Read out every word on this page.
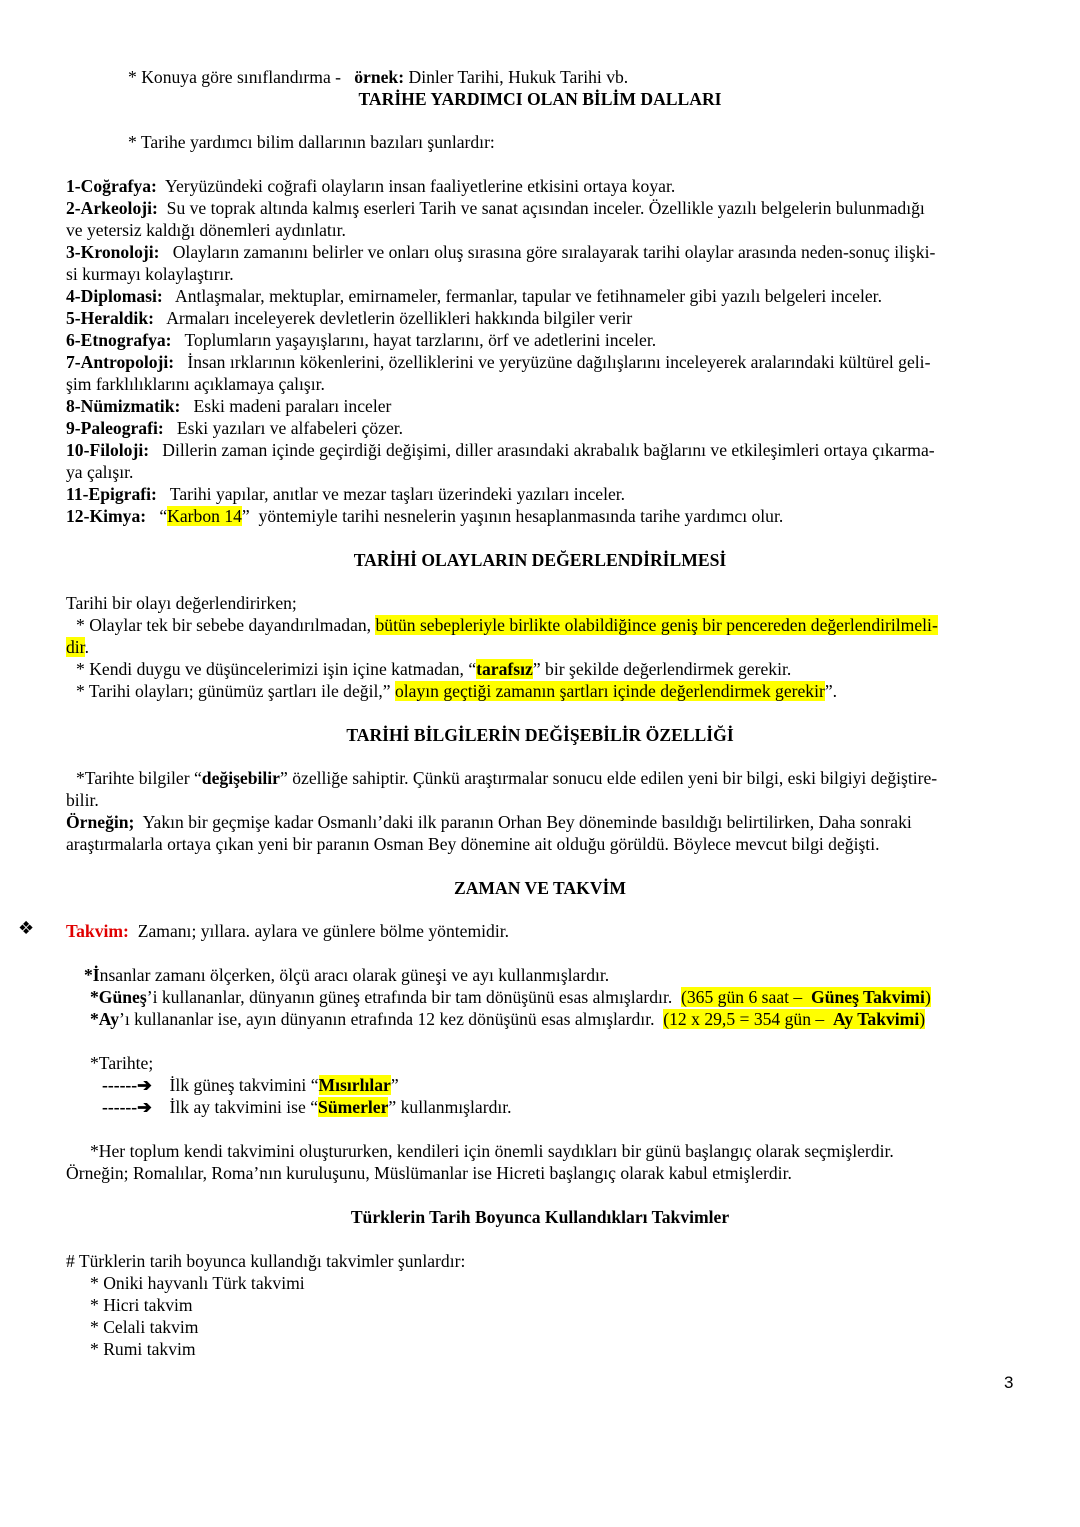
* Konuya göre sınıflandırma - örnek: Dinler Tarihi, Hukuk Tarihi vb.
TARİHE YARDIMCI OLAN BİLİM DALLARI
* Tarihe yardımcı bilim dallarının bazıları şunlardır:
1-Coğrafya: Yeryüzündeki coğrafi olayların insan faaliyetlerine etkisini ortaya koyar.
2-Arkeoloji: Su ve toprak altında kalmış eserleri Tarih ve sanat açısından inceler. Özellikle yazılı belgelerin bulunmadığı
ve yetersiz kaldığı dönemleri aydınlatır.
3-Kronoloji: Olayların zamanını belirler ve onları oluş sırasına göre sıralayarak tarihi olaylar arasında neden-sonuç ilişki-
si kurmayı kolaylaştırır.
4-Diplomasi: Antlaşmalar, mektuplar, emirnameler, fermanlar, tapular ve fetihnameler gibi yazılı belgeleri inceler.
5-Heraldik: Armaları inceleyerek devletlerin özellikleri hakkında bilgiler verir
6-Etnografya: Toplumların yaşayışlarını, hayat tarzlarını, örf ve adetlerini inceler.
7-Antropoloji: İnsan ırklarının kökenlerini, özelliklerini ve yeryüzüne dağılışlarını inceleyerek aralarındaki kültürel geli-
şim farklılıklarını açıklamaya çalışır.
8-Nümizmatik: Eski madeni paraları inceler
9-Paleografi: Eski yazıları ve alfabeleri çözer.
10-Filoloji: Dillerin zaman içinde geçirdiği değişimi, diller arasındaki akrabalık bağlarını ve etkileşimleri ortaya çıkarma-
ya çalışır.
11-Epigrafi: Tarihi yapılar, anıtlar ve mezar taşları üzerindeki yazıları inceler.
12-Kimya: “Karbon 14” yöntemiyle tarihi nesnelerin yaşının hesaplanmasında tarihe yardımcı olur.
TARİHİ OLAYLARIN DEĞERLENDİRİLMESİ
Tarihi bir olayı değerlendirirken;
* Olaylar tek bir sebebe dayandırılmadan, bütün sebepleriyle birlikte olabildiğince geniş bir pencereden değerlendirilmeli-
dir.
* Kendi duygu ve düşüncelerimizi işin içine katmadan, “tarafsız” bir şekilde değerlendirmek gerekir.
* Tarihi olayları; günümüz şartları ile değil,” olayın geçtiği zamanın şartları içinde değerlendirmek gerekir”.
TARİHİ BİLGİLERİN DEĞİŞEBİLİR ÖZELLİĞİ
*Tarihte bilgiler “değişebilir” özelliğe sahiptir. Çünkü araştırmalar sonucu elde edilen yeni bir bilgi, eski bilgiyi değiştire-
bilir.
Örneğin; Yakın bir geçmişe kadar Osmanlı’daki ilk paranın Orhan Bey döneminde basıldığı belirtilirken, Daha sonraki
araştırmalarla ortaya çıkan yeni bir paranın Osman Bey dönemine ait olduğu görüldü. Böylece mevcut bilgi değişti.
ZAMAN VE TAKVİM
❖ Takvim: Zamanı; yıllara. aylara ve günlere bölme yöntemidir.
*İnsanlar zamanı ölçerken, ölçü aracı olarak güneşi ve ayı kullanmışlardır.
*Güneş’i kullananlar, dünyanın güneş etrafında bir tam dönüşünü esas almışlardır. (365 gün 6 saat – Güneş Takvimi)
*Ay’ı kullananlar ise, ayın dünyanın etrafında 12 kez dönüşünü esas almışlardır. (12 x 29,5 = 354 gün – Ay Takvimi)
*Tarihte;
------➔ İlk güneş takvimini “Mısırlılar”
------➔ İlk ay takvimini ise “Sümerler” kullanmışlardır.
*Her toplum kendi takvimini oluştururken, kendileri için önemli saydıkları bir günü başlangıç olarak seçmişlerdir.
Örneğin; Romalılar, Roma’nın kuruluşunu, Müslümanlar ise Hicreti başlangıç olarak kabul etmişlerdir.
Türklerin Tarih Boyunca Kullandıkları Takvimler
# Türklerin tarih boyunca kullandığı takvimler şunlardır:
* Oniki hayvanlı Türk takvimi
* Hicri takvim
* Celali takvim
* Rumi takvim
3
